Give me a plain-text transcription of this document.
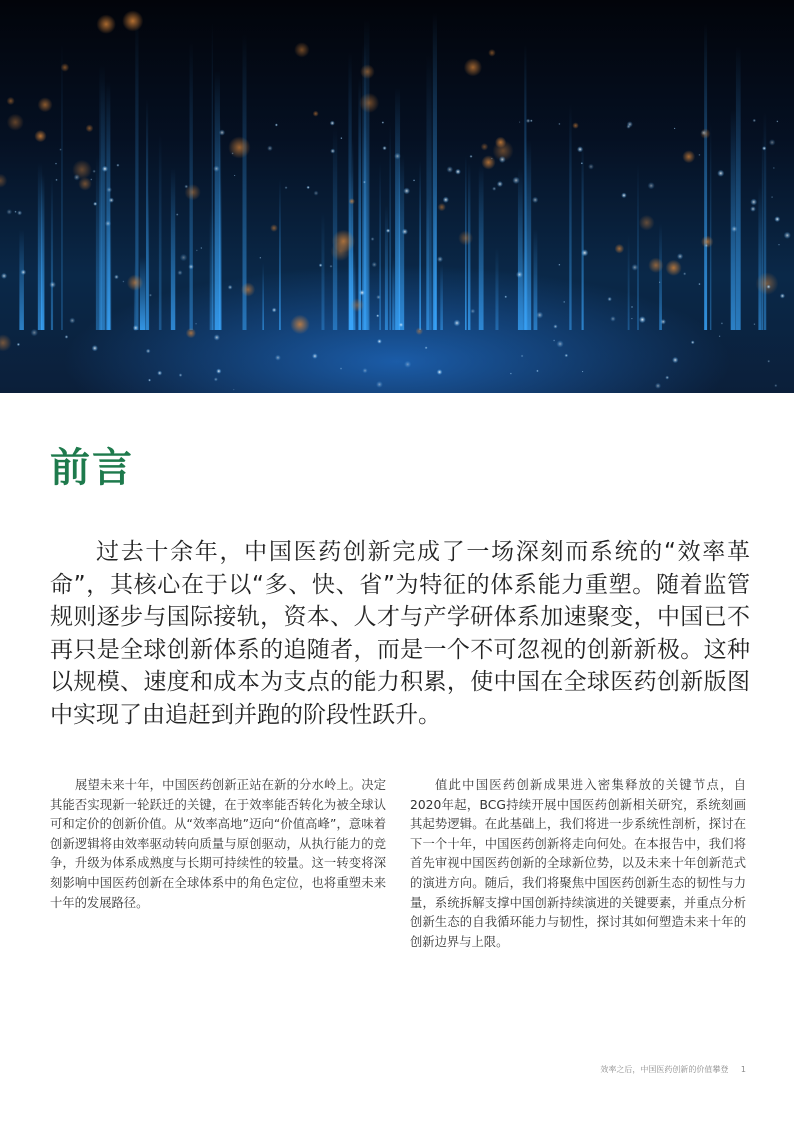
前言

过去十余年，中国医药创新完成了一场深刻而系统的“效率革命”，其核心在于以“多、快、省”为特征的体系能力重塑。随着监管规则逐步与国际接轨，资本、人才与产学研体系加速聚变，中国已不再只是全球创新体系的追随者，而是一个不可忽视的创新新极。这种以规模、速度和成本为支点的能力积累，使中国在全球医药创新版图中实现了由追赶到并跑的阶段性跃升。

展望未来十年，中国医药创新正站在新的分水岭上。决定其能否实现新一轮跃迁的关键，在于效率能否转化为被全球认可和定价的创新价值。从“效率高地”迈向“价值高峰”，意味着创新逻辑将由效率驱动转向质量与原创驱动，从执行能力的竞争，升级为体系成熟度与长期可持续性的较量。这一转变将深刻影响中国医药创新在全球体系中的角色定位，也将重塑未来十年的发展路径。

值此中国医药创新成果进入密集释放的关键节点，自2020年起，BCG持续开展中国医药创新相关研究，系统刻画其起势逻辑。在此基础上，我们将进一步系统性剖析，探讨在下一个十年，中国医药创新将走向何处。在本报告中，我们将首先审视中国医药创新的全球新位势，以及未来十年创新范式的演进方向。随后，我们将聚焦中国医药创新生态的韧性与力量，系统拆解支撑中国创新持续演进的关键要素，并重点分析创新生态的自我循环能力与韧性，探讨其如何塑造未来十年的创新边界与上限。

效率之后，中国医药创新的价值攀登 1
